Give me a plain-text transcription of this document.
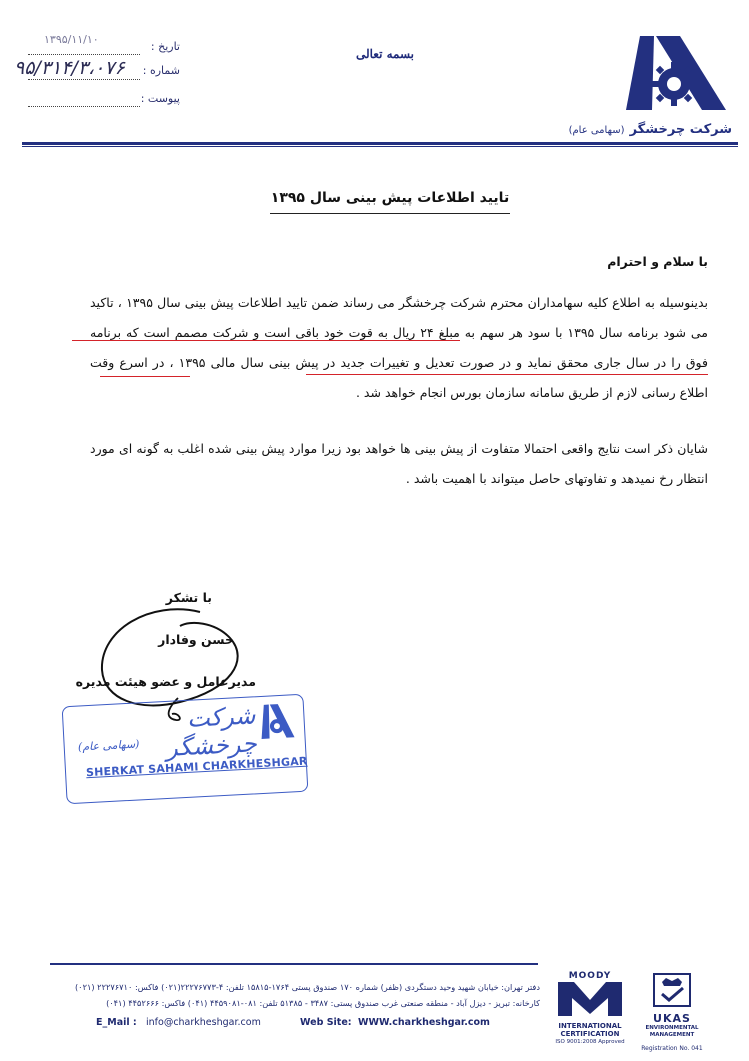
تاریخ :
۱۳۹۵/۱۱/۱۰
شماره :
۹۵/۳۱۴/۳،۰۷۶
پیوست :
بسمه تعالی
شرکت چرخشگر (سهامی عام)
تایید اطلاعات پیش بینی سال ۱۳۹۵
با سلام و احترام
بدینوسیله به اطلاع کلیه سهامداران محترم شرکت چرخشگر می رساند ضمن تایید اطلاعات پیش بینی سال ۱۳۹۵ ، تاکید می شود برنامه سال ۱۳۹۵ با سود هر سهم به مبلغ ۲۴ ریال به قوت خود باقی است و شرکت مصمم است که برنامه فوق را در سال جاری محقق نماید و در صورت تعدیل و تغییرات جدید در پیش بینی سال مالی ۱۳۹۵ ، در اسرع وقت اطلاع رسانی لازم از طریق سامانه سازمان بورس انجام خواهد شد .
شایان ذکر است نتایج واقعی احتمالا متفاوت از پیش بینی ها خواهد بود زیرا موارد پیش بینی شده اغلب به گونه ای مورد انتظار رخ نمیدهد و تفاوتهای حاصل میتواند با اهمیت باشد .
با تشکر
حسن وفادار
مدیرعامل و عضو هیئت مدیره
شرکت چرخشگر
(سهامی عام)
SHERKAT SAHAMI CHARKHESHGAR
دفتر تهران: خیابان شهید وحید دستگردی (ظفر) شماره ۱۷۰ صندوق پستی ۱۷۶۴-۱۵۸۱۵ تلفن: ۴-۲۲۲۷۶۷۷۳(۰۲۱) فاکس: ۲۲۲۷۶۷۱۰ (۰۲۱)
کارخانه: تبریز - دیزل آباد - منطقه صنعتی غرب صندوق پستی: ۳۴۸۷ - ۵۱۳۸۵ تلفن: ۰۸۱-۴۴۵۹۰۸۱ (۰۴۱) فاکس: ۴۴۵۲۶۶۶ (۰۴۱)
E_Mail : info@charkheshgar.com	Web Site: WWW.charkheshgar.com
MOODY
INTERNATIONAL CERTIFICATION
ISO 9001:2008 Approved
UKAS
ENVIRONMENTAL MANAGEMENT
Registration No. 041
